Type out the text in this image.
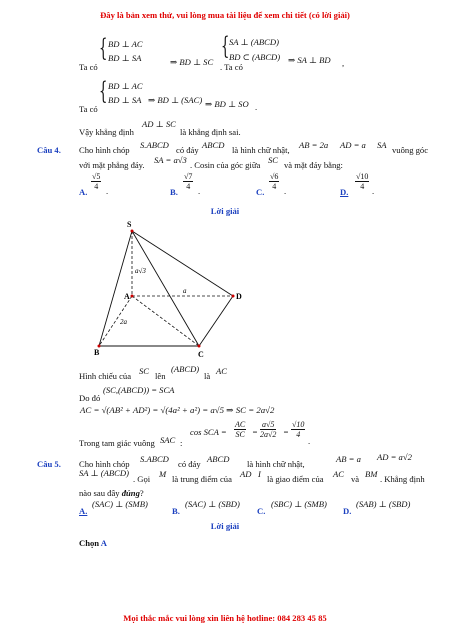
Đây là bản xem thử, vui lòng mua tài liệu để xem chi tiết (có lời giải)
Ta có
{ BD ⊥ AC
BD ⊥ SA	⇒ BD ⊥ SC . Ta có
{ SA ⊥ (ABCD)
BD ⊂ (ABCD) ⇒ SA ⊥ BD ,
Ta có
{ BD ⊥ AC
BD ⊥ SA ⇒ BD ⊥ (SAC) ⇒ BD ⊥ SO .
Vậy khẳng định
AD ⊥ SC
là khẳng định sai.
Câu 4. Cho hình chóp S.ABCD có đáy ABCD là hình chữ nhật, AB = 2a AD = a SA vuông góc
với mặt phẳng đáy. SA = a√3 . Cosin của góc giữa SC và mặt đáy bằng:
A.
$\frac{√5}{4}$ .	B.
$\frac{√7}{4}$ .	C.
$\frac{√6}{4}$ .	D.
$\frac{√10}{4}$ .
Lời giải
S
A	D
B	C
a√3
a
2a
Hình chiếu của SC lên
(ABCD)
là AC
Do đó
(SC,(ABCD)) = SCA
AC = √(AB² + AD²) = √(4a² + a²) = a√5 ⇒ SC = 2a√2
Trong tam giác vuông SAC :
cos SCA = $\frac{AC}{SC} = \frac{a√5}{2a√2} = \frac{√10}{4}$
.
Câu 5. Cho hình chóp S.ABCD có đáy ABCD là hình chữ nhật,	AB = a AD = a√2
SA ⊥ (ABCD)
. Gọi M là trung điểm của AD I là giao điểm của AC và BM . Khẳng định
nào sau đây đúng?
A.
(SAC) ⊥ (SMB)
B.
(SAC) ⊥ (SBD)
C.
(SBC) ⊥ (SMB)
D.
(SAB) ⊥ (SBD)
Lời giải
Chọn A
Mọi thắc mắc vui lòng xin liên hệ hotline: 084 283 45 85
